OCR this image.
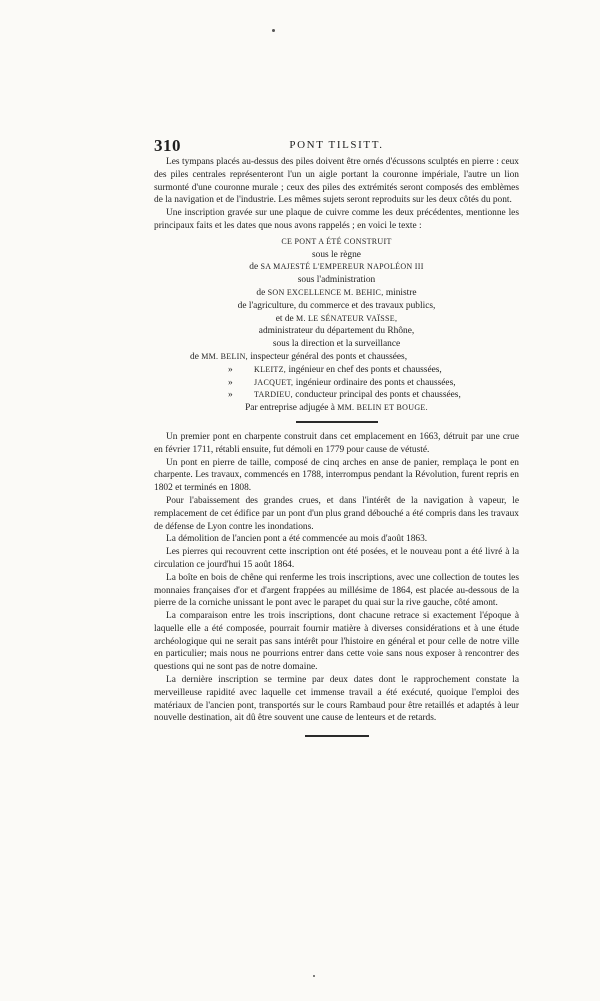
310	PONT TILSITT.

Les tympans placés au-dessus des piles doivent être ornés d'écussons sculptés en pierre : ceux des piles centrales représenteront l'un un aigle portant la couronne impériale, l'autre un lion surmonté d'une couronne murale ; ceux des piles des extrémités seront composés des emblèmes de la navigation et de l'industrie. Les mêmes sujets seront reproduits sur les deux côtés du pont.

Une inscription gravée sur une plaque de cuivre comme les deux précédentes, mentionne les principaux faits et les dates que nous avons rappelés ; en voici le texte :

CE PONT A ÉTÉ CONSTRUIT
sous le règne
de SA MAJESTÉ L'EMPEREUR NAPOLÉON III
sous l'administration
de SON EXCELLENCE M. BEHIC, ministre
de l'agriculture, du commerce et des travaux publics,
et de M. LE SÉNATEUR VAÏSSE,
administrateur du département du Rhône,
sous la direction et la surveillance
de MM. BELIN, inspecteur général des ponts et chaussées,
»	KLEITZ, ingénieur en chef des ponts et chaussées,
»	JACQUET, ingénieur ordinaire des ponts et chaussées,
»	TARDIEU, conducteur principal des ponts et chaussées,
Par entreprise adjugée à MM. BELIN ET BOUGE.

Un premier pont en charpente construit dans cet emplacement en 1663, détruit par une crue en février 1711, rétabli ensuite, fut démoli en 1779 pour cause de vétusté.

Un pont en pierre de taille, composé de cinq arches en anse de panier, remplaça le pont en charpente. Les travaux, commencés en 1788, interrompus pendant la Révolution, furent repris en 1802 et terminés en 1808.

Pour l'abaissement des grandes crues, et dans l'intérêt de la navigation à vapeur, le remplacement de cet édifice par un pont d'un plus grand débouché a été compris dans les travaux de défense de Lyon contre les inondations.

La démolition de l'ancien pont a été commencée au mois d'août 1863.

Les pierres qui recouvrent cette inscription ont été posées, et le nouveau pont a été livré à la circulation ce jourd'hui 15 août 1864.

La boîte en bois de chêne qui renferme les trois inscriptions, avec une collection de toutes les monnaies françaises d'or et d'argent frappées au millésime de 1864, est placée au-dessous de la pierre de la corniche unissant le pont avec le parapet du quai sur la rive gauche, côté amont.

La comparaison entre les trois inscriptions, dont chacune retrace si exactement l'époque à laquelle elle a été composée, pourrait fournir matière à diverses considérations et à une étude archéologique qui ne serait pas sans intérêt pour l'histoire en général et pour celle de notre ville en particulier; mais nous ne pourrions entrer dans cette voie sans nous exposer à rencontrer des questions qui ne sont pas de notre domaine.

La dernière inscription se termine par deux dates dont le rapprochement constate la merveilleuse rapidité avec laquelle cet immense travail a été exécuté, quoique l'emploi des matériaux de l'ancien pont, transportés sur le cours Rambaud pour être retaillés et adaptés à leur nouvelle destination, ait dû être souvent une cause de lenteurs et de retards.
